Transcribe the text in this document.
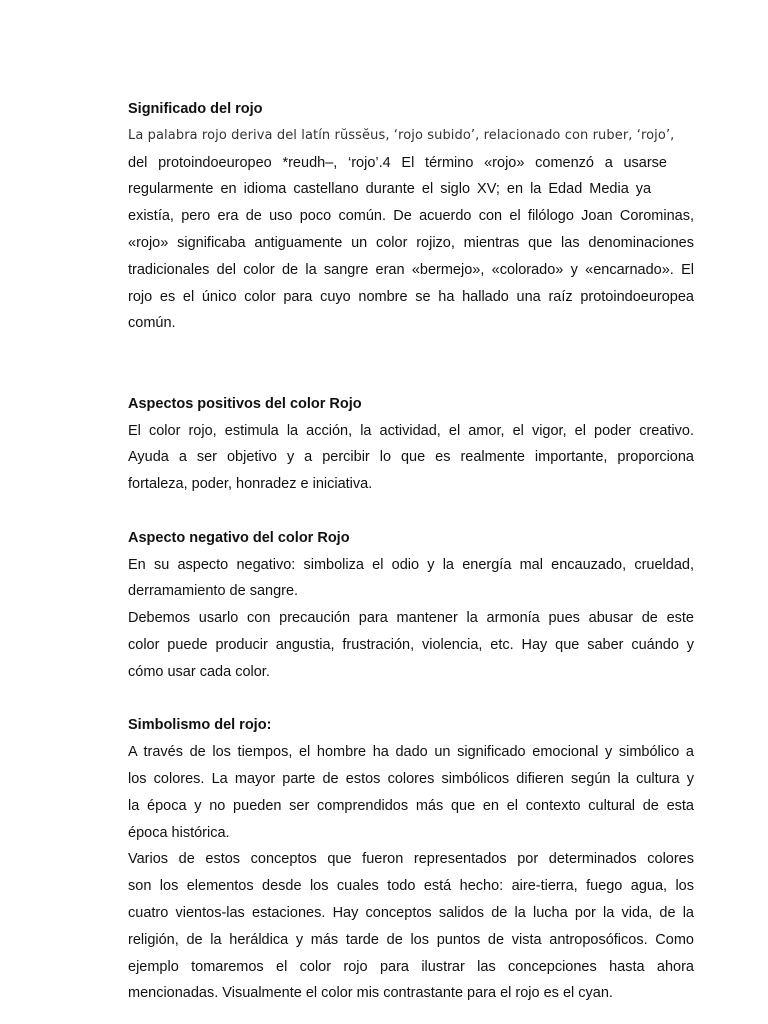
Significado del rojo

La palabra rojo deriva del latín rŭssĕus, ‘rojo subido’, relacionado con ruber, ‘rojo’,

del protoindoeuropeo *reudh–, ‘rojo’.4 El término «rojo» comenzó a usarse
regularmente en idioma castellano durante el siglo XV; en la Edad Media ya

existía, pero era de uso poco común. De acuerdo con el filólogo Joan Corominas,
«rojo» significaba antiguamente un color rojizo, mientras que las denominaciones
tradicionales del color de la sangre eran «bermejo», «colorado» y «encarnado». El
rojo es el único color para cuyo nombre se ha hallado una raíz protoindoeuropea
común.

Aspectos positivos del color Rojo

El color rojo, estimula la acción, la actividad, el amor, el vigor, el poder creativo.
Ayuda a ser objetivo y a percibir lo que es realmente importante, proporciona
fortaleza, poder, honradez e iniciativa.

Aspecto negativo del color Rojo

En su aspecto negativo: simboliza el odio y la energía mal encauzado, crueldad,
derramamiento de sangre.
Debemos usarlo con precaución para mantener la armonía pues abusar de este
color puede producir angustia, frustración, violencia, etc. Hay que saber cuándo y
cómo usar cada color.

Simbolismo del rojo:

A través de los tiempos, el hombre ha dado un significado emocional y simbólico a
los colores. La mayor parte de estos colores simbólicos difieren según la cultura y
la época y no pueden ser comprendidos más que en el contexto cultural de esta
época histórica.
Varios de estos conceptos que fueron representados por determinados colores
son los elementos desde los cuales todo está hecho: aire-tierra, fuego agua, los
cuatro vientos-las estaciones. Hay conceptos salidos de la lucha por la vida, de la
religión, de la heráldica y más tarde de los puntos de vista antroposóficos. Como
ejemplo tomaremos el color rojo para ilustrar las concepciones hasta ahora
mencionadas. Visualmente el color mis contrastante para el rojo es el cyan.
